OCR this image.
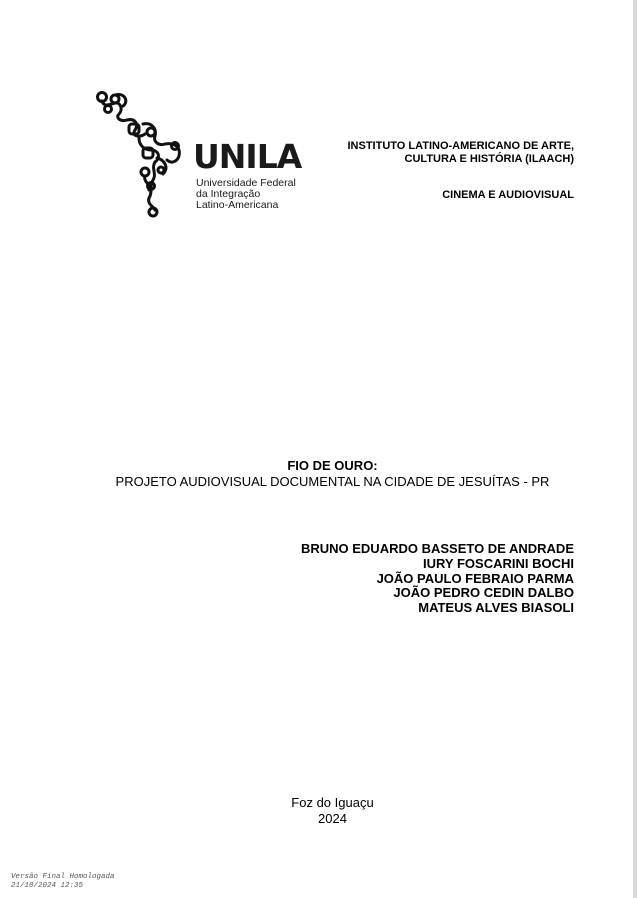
UNILA
Universidade Federal
da Integração
Latino-Americana
INSTITUTO LATINO-AMERICANO DE ARTE,
CULTURA E HISTÓRIA (ILAACH)
CINEMA E AUDIOVISUAL
FIO DE OURO:
PROJETO AUDIOVISUAL DOCUMENTAL NA CIDADE DE JESUÍTAS - PR
BRUNO EDUARDO BASSETO DE ANDRADE
IURY FOSCARINI BOCHI
JOÃO PAULO FEBRAIO PARMA
JOÃO PEDRO CEDIN DALBO
MATEUS ALVES BIASOLI
Foz do Iguaçu
2024
Versão Final Homologada
21/10/2024 12:35
